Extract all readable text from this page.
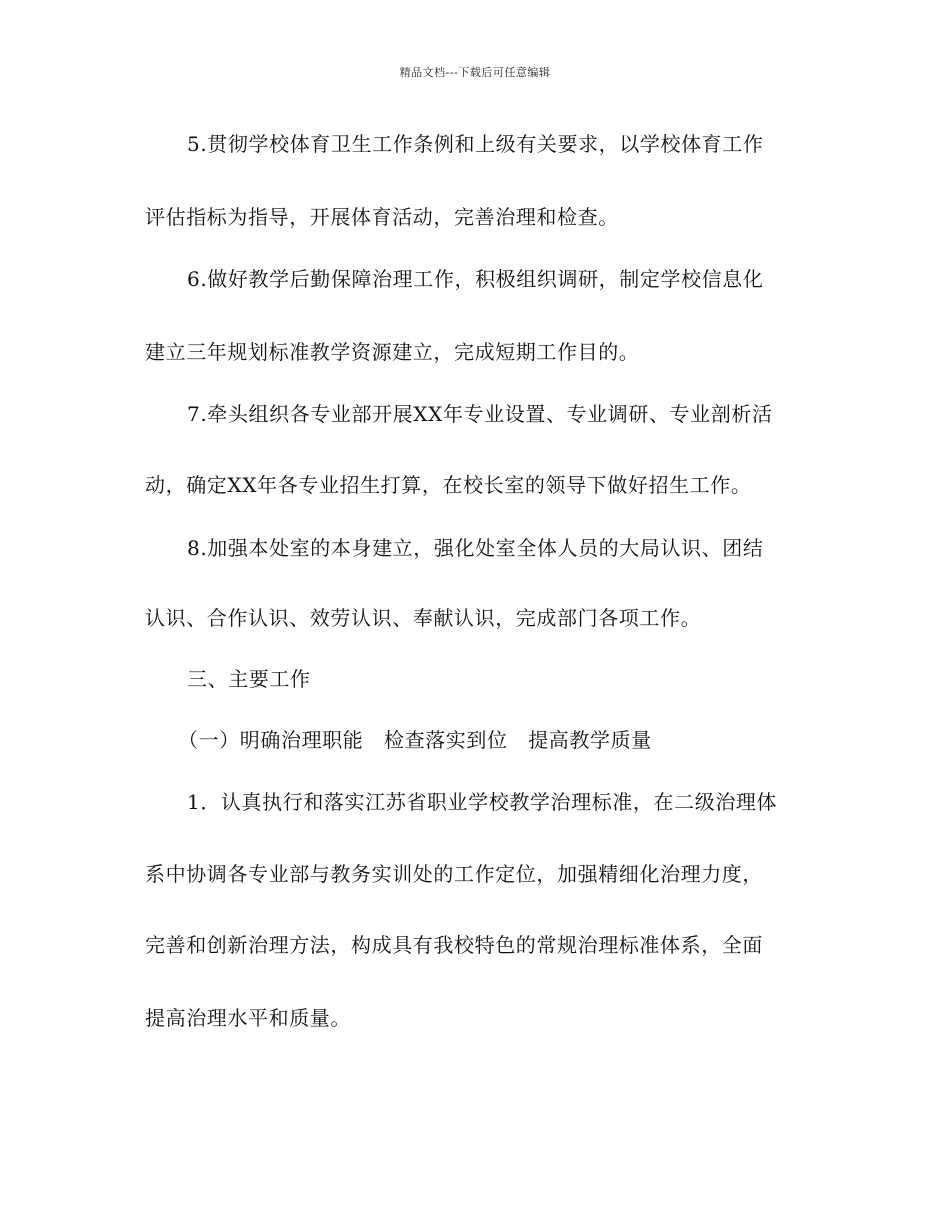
精品文档---下载后可任意编辑
5.贯彻学校体育卫生工作条例和上级有关要求，以学校体育工作
评估指标为指导，开展体育活动，完善治理和检查。
6.做好教学后勤保障治理工作，积极组织调研，制定学校信息化
建立三年规划标准教学资源建立，完成短期工作目的。
7.牵头组织各专业部开展XX年专业设置、专业调研、专业剖析活
动，确定XX年各专业招生打算，在校长室的领导下做好招生工作。
8.加强本处室的本身建立，强化处室全体人员的大局认识、团结
认识、合作认识、效劳认识、奉献认识，完成部门各项工作。
三、主要工作
（一）明确治理职能　检查落实到位　提高教学质量
1．认真执行和落实江苏省职业学校教学治理标准，在二级治理体
系中协调各专业部与教务实训处的工作定位，加强精细化治理力度，
完善和创新治理方法，构成具有我校特色的常规治理标准体系，全面
提高治理水平和质量。
